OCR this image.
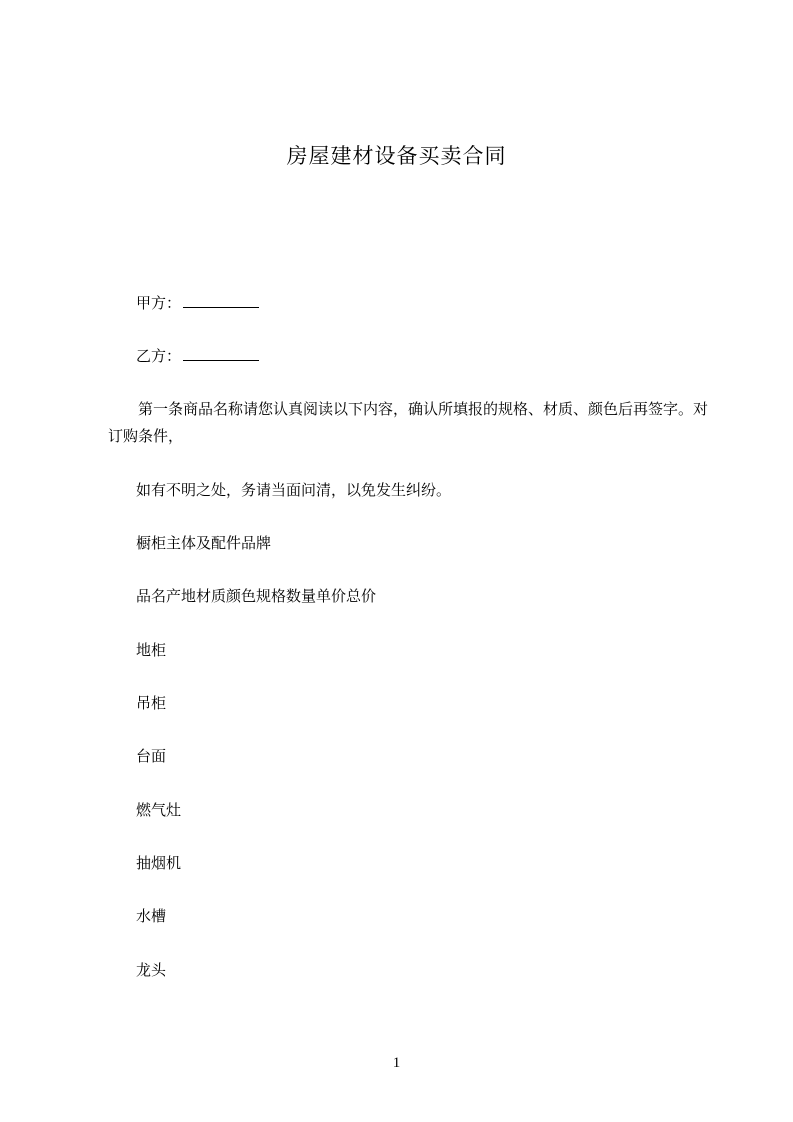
房屋建材设备买卖合同
甲方：
乙方：
第一条商品名称请您认真阅读以下内容，确认所填报的规格、材质、颜色后再签字。对订购条件，
如有不明之处，务请当面问清，以免发生纠纷。
橱柜主体及配件品牌
品名产地材质颜色规格数量单价总价
地柜
吊柜
台面
燃气灶
抽烟机
水槽
龙头
1
